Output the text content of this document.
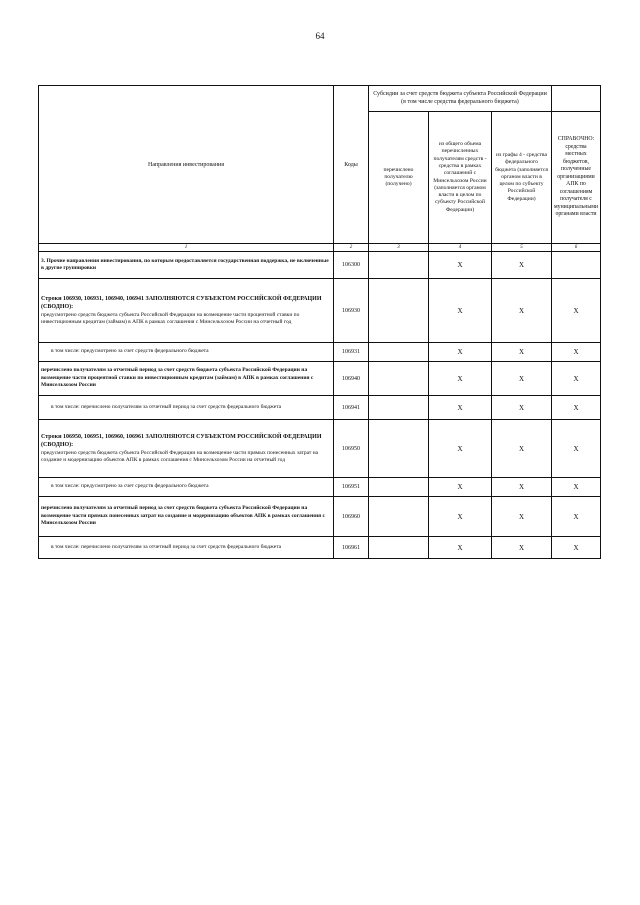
64
Направления инвестирования	Коды	Субсидии за счет средств бюджета субъекта Российской Федерации (в том числе средства федерального бюджета)			
		перечислено получателю (получено)	из общего объема перечисленных получателям средств - средства в рамках соглашений с Минсельхозом России (заполняется органом власти в целом по субъекту Российской Федерации)	из графы 4 - средства федерального бюджета (заполняется органом власти в целом по субъекту Российской Федерации)	СПРАВОЧНО: средства местных бюджетов, полученные организациями АПК по соглашениям получателя с муниципальными органами власти
1	2	3	4	5	6
3. Прочие направления инвестирования, по которым предоставляется государственная поддержка, не включенные в другие группировки	106300		X	X	
Строки 106930, 106931, 106940, 106941 ЗАПОЛНЯЮТСЯ СУБЪЕКТОМ РОССИЙСКОЙ ФЕДЕРАЦИИ (СВОДНО):
предусмотрено средств бюджета субъекта Российской Федерации на возмещение части процентной ставки по инвестиционным кредитам (займам) в АПК в рамках соглашения с Минсельхозом России на отчетный год	106930		X	X	X
в том числе: предусмотрено за счет средств федерального бюджета	106931		X	X	X
перечислено получателям за отчетный период за счет средств бюджета субъекта Российской Федерации на возмещение части процентной ставки по инвестиционным кредитам (займам) в АПК в рамках соглашения с Минсельхозом России	106940		X	X	X
в том числе: перечислено получателям за отчетный период за счет средств федерального бюджета	106941		X	X	X
Строки 106950, 106951, 106960, 106961 ЗАПОЛНЯЮТСЯ СУБЪЕКТОМ РОССИЙСКОЙ ФЕДЕРАЦИИ (СВОДНО):
предусмотрено средств бюджета субъекта Российской Федерации на возмещение части прямых понесенных затрат на создание и модернизацию объектов АПК в рамках соглашения с Минсельхозом России на отчетный год	106950		X	X	X
в том числе: предусмотрено за счет средств федерального бюджета	106951		X	X	X
перечислено получателям за отчетный период за счет средств бюджета субъекта Российской Федерации на возмещение части прямых понесенных затрат на создание и модернизацию объектов АПК в рамках соглашения с Минсельхозом России	106960		X	X	X
в том числе: перечислено получателям за отчетный период за счет средств федерального бюджета	106961		X	X	X
